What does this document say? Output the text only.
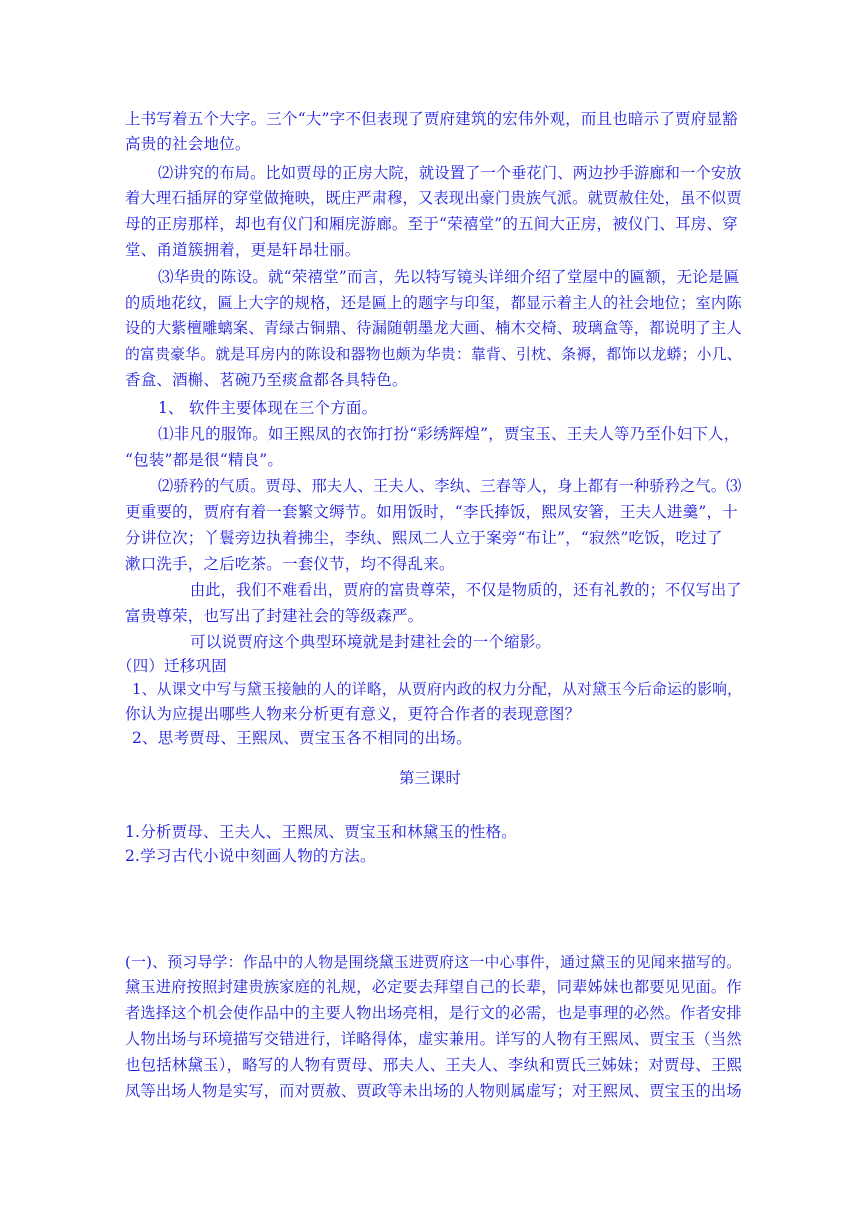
上书写着五个大字。三个“大”字不但表现了贾府建筑的宏伟外观，而且也暗示了贾府显豁
高贵的社会地位。
⑵讲究的布局。比如贾母的正房大院，就设置了一个垂花门、两边抄手游廊和一个安放
着大理石插屏的穿堂做掩映，既庄严肃穆，又表现出豪门贵族气派。就贾赦住处，虽不似贾
母的正房那样，却也有仪门和厢庑游廊。至于“荣禧堂”的五间大正房，被仪门、耳房、穿
堂、甬道簇拥着，更是轩昂壮丽。
⑶华贵的陈设。就“荣禧堂”而言，先以特写镜头详细介绍了堂屋中的匾额，无论是匾
的质地花纹，匾上大字的规格，还是匾上的题字与印玺，都显示着主人的社会地位；室内陈
设的大紫檀雕螭案、青绿古铜鼎、待漏随朝墨龙大画、楠木交椅、玻璃盒等，都说明了主人
的富贵豪华。就是耳房内的陈设和器物也颇为华贵：靠背、引枕、条褥，都饰以龙蟒；小几、
香盒、酒槲、茗碗乃至痰盒都各具特色。
1、 软件主要体现在三个方面。
⑴非凡的服饰。如王熙凤的衣饰打扮“彩绣辉煌”，贾宝玉、王夫人等乃至仆妇下人，
“包装”都是很“精良”。
⑵骄矜的气质。贾母、邢夫人、王夫人、李纨、三春等人，身上都有一种骄矜之气。⑶
更重要的，贾府有着一套繁文缛节。如用饭时，“李氏捧饭，熙凤安箸，王夫人进羹”，十
分讲位次；丫鬟旁边执着拂尘，李纨、熙凤二人立于案旁“布让”，“寂然”吃饭，吃过了
漱口洗手，之后吃茶。一套仪节，均不得乱来。
由此，我们不难看出，贾府的富贵尊荣，不仅是物质的，还有礼教的；不仅写出了
富贵尊荣，也写出了封建社会的等级森严。
可以说贾府这个典型环境就是封建社会的一个缩影。
（四）迁移巩固
1、从课文中写与黛玉接触的人的详略，从贾府内政的权力分配，从对黛玉今后命运的影响，
你认为应提出哪些人物来分析更有意义，更符合作者的表现意图？
2、思考贾母、王熙凤、贾宝玉各不相同的出场。
第三课时
1.分析贾母、王夫人、王熙凤、贾宝玉和林黛玉的性格。
2.学习古代小说中刻画人物的方法。
(一)、预习导学：作品中的人物是围绕黛玉进贾府这一中心事件，通过黛玉的见闻来描写的。
黛玉进府按照封建贵族家庭的礼规，必定要去拜望自己的长辈，同辈姊妹也都要见见面。作
者选择这个机会使作品中的主要人物出场亮相，是行文的必需，也是事理的必然。作者安排
人物出场与环境描写交错进行，详略得体，虚实兼用。详写的人物有王熙凤、贾宝玉（当然
也包括林黛玉），略写的人物有贾母、邢夫人、王夫人、李纨和贾氏三姊妹；对贾母、王熙
凤等出场人物是实写，而对贾赦、贾政等未出场的人物则属虚写；对王熙凤、贾宝玉的出场
